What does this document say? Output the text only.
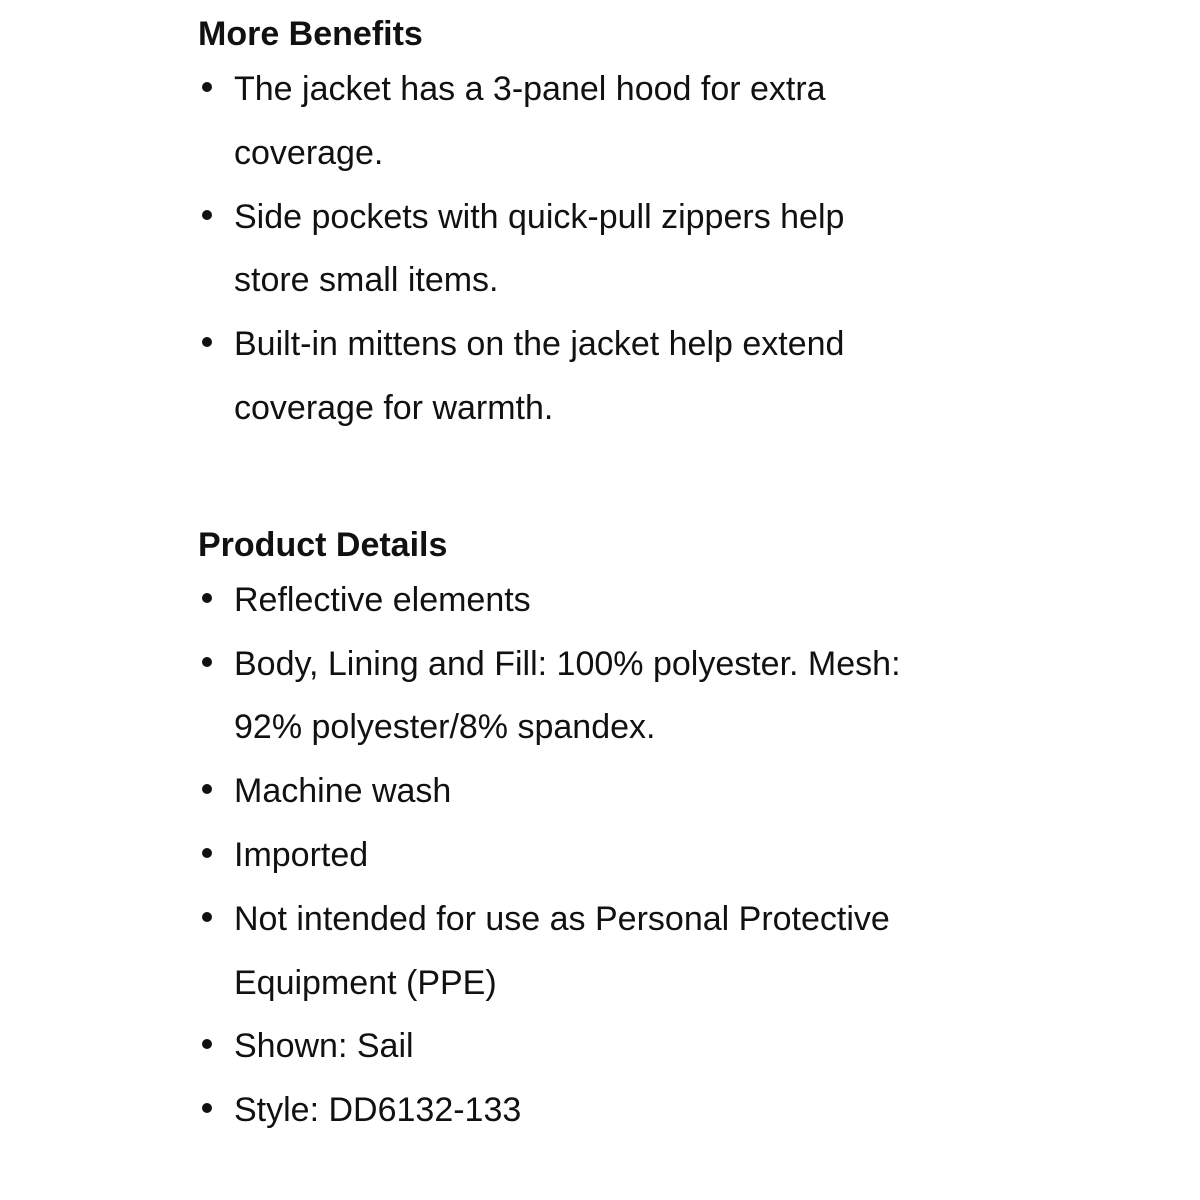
More Benefits
The jacket has a 3-panel hood for extra coverage.
Side pockets with quick-pull zippers help store small items.
Built-in mittens on the jacket help extend coverage for warmth.
Product Details
Reflective elements
Body, Lining and Fill: 100% polyester. Mesh: 92% polyester/8% spandex.
Machine wash
Imported
Not intended for use as Personal Protective Equipment (PPE)
Shown: Sail
Style: DD6132-133
